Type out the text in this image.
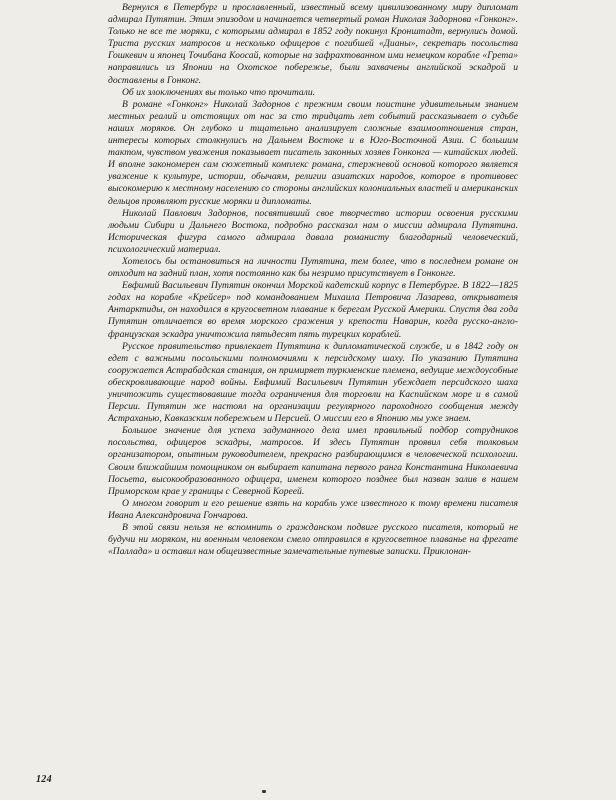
Вернулся в Петербург и прославленный, известный всему цивилизованному миру дипломат адмирал Путятин. Этим эпизодом и начинается четвертый роман Николая Задорнова «Гонконг». Только не все те моряки, с которыми адмирал в 1852 году покинул Кронштадт, вернулись домой. Триста русских матросов и несколько офицеров с погибшей «Дианы», секретарь посольства Гошкевич и японец Точибана Коосай, которые на зафрахтованном ими немецком корабле «Грета» направились из Японии на Охотское побережье, были захвачены английской эскадрой и доставлены в Гонконг.

Об их злоключениях вы только что прочитали.

В романе «Гонконг» Николай Задорнов с прежним своим поистине удивительным знанием местных реалий и отстоящих от нас за сто тридцать лет событий рассказывает о судьбе наших моряков. Он глубоко и тщательно анализирует сложные взаимоотношения стран, интересы которых столкнулись на Дальнем Востоке и в Юго-Восточной Азии. С большим тактом, чувством уважения показывает писатель законных хозяев Гонконга — китайских людей. И вполне закономерен сам сюжетный комплекс романа, стержневой основой которого является уважение к культуре, истории, обычаям, религии азиатских народов, которое в противовес высокомерию к местному населению со стороны английских колониальных властей и американских дельцов проявляют русские моряки и дипломаты.

Николай Павлович Задорнов, посвятивший свое творчество истории освоения русскими людьми Сибири и Дальнего Востока, подробно рассказал нам о миссии адмирала Путятина. Историческая фигура самого адмирала давала романисту благодарный человеческий, психологический материал.

Хотелось бы остановиться на личности Путятина, тем более, что в последнем романе он отходит на задний план, хотя постоянно как бы незримо присутствует в Гонконге.

Евфимий Васильевич Путятин окончил Морской кадетский корпус в Петербурге. В 1822—1825 годах на корабле «Крейсер» под командованием Михаила Петровича Лазарева, открывателя Антарктиды, он находился в кругосветном плавание к берегам Русской Америки. Спустя два года Путятин отличается во время морского сражения у крепости Наварин, когда русско-англо-французская эскадра уничтожила пятьдесят пять турецких кораблей.

Русское правительство привлекает Путятина к дипломатической службе, и в 1842 году он едет с важными посольскими полномочиями к персидскому шаху. По указанию Путятина сооружается Астрабадская станция, он примиряет туркменские племена, ведущие междоусобные обескровливающие народ войны. Евфимий Васильевич Путятин убеждает персидского шаха уничтожить существовавшие тогда ограничения для торговли на Каспийском море и в самой Персии. Путятин же настоял на организации регулярного пароходного сообщения между Астраханью, Кавказским побережьем и Персией. О миссии его в Японию мы уже знаем.

Большое значение для успеха задуманного дела имел правильный подбор сотрудников посольства, офицеров эскадры, матросов. И здесь Путятин проявил себя толковым организатором, опытным руководителем, прекрасно разбирающимся в человеческой психологии. Своим ближайшим помощником он выбирает капитана первого ранга Константина Николаевича Посьета, высокообразованного офицера, именем которого позднее был назван залив в нашем Приморском крае у границы с Северной Кореей.

О многом говорит и его решение взять на корабль уже известного к тому времени писателя Ивана Александровича Гончарова.

В этой связи нельзя не вспомнить о гражданском подвиге русского писателя, который не будучи ни моряком, ни военным человеком смело отправился в кругосветное плаванье на фрегате «Паллада» и оставил нам общеизвестные замечательные путевые записки. Приклонан-

124
